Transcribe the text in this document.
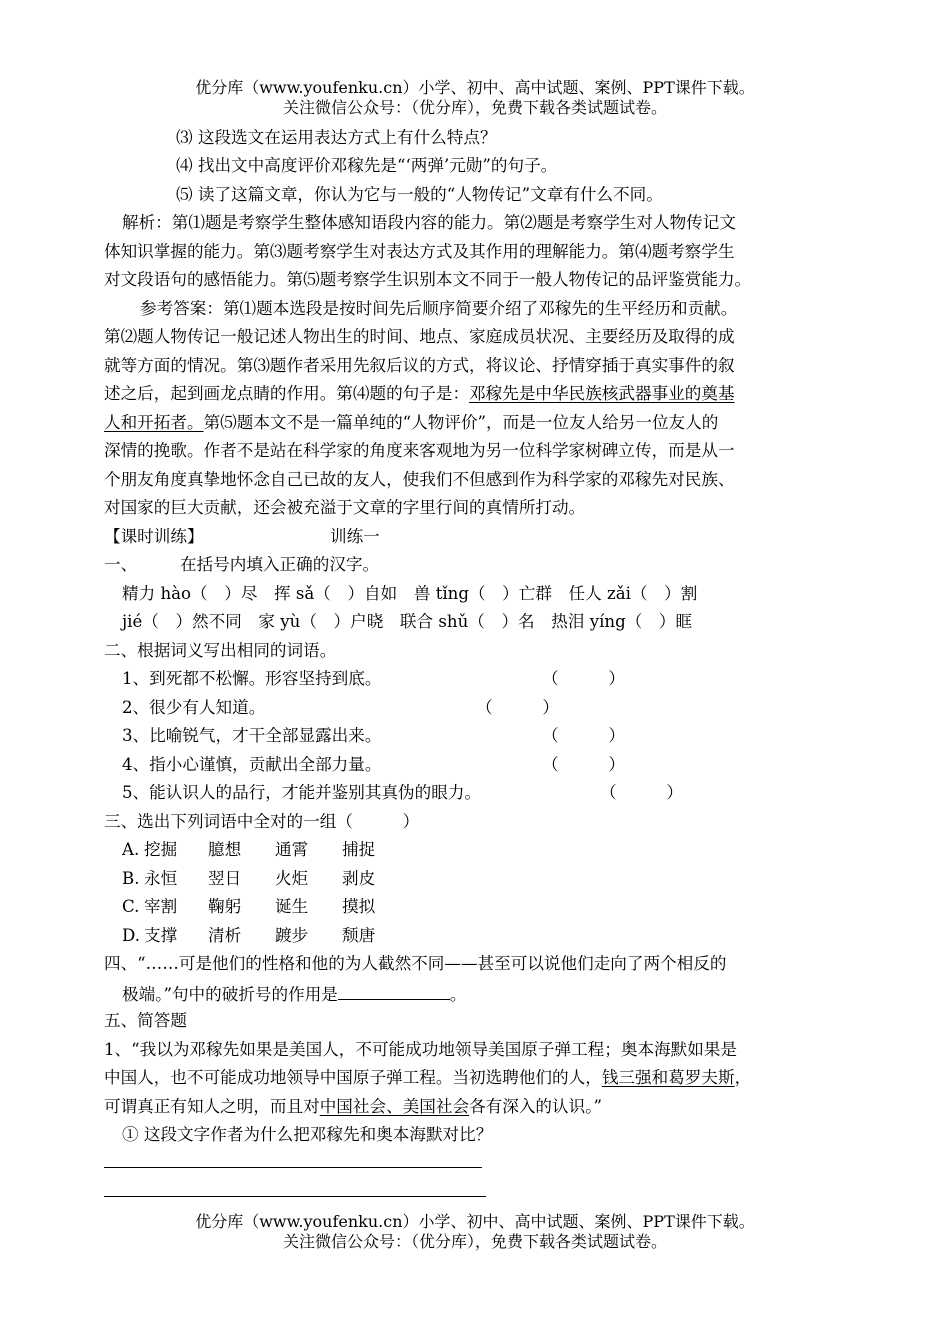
优分库（www.youfenku.cn）小学、初中、高中试题、案例、PPT课件下载。
关注微信公众号：（优分库），免费下载各类试题试卷。
⑶ 这段选文在运用表达方式上有什么特点？
⑷ 找出文中高度评价邓稼先是“‘两弹’元勋”的句子。
⑸ 读了这篇文章，你认为它与一般的“人物传记”文章有什么不同。
解析：第⑴题是考察学生整体感知语段内容的能力。第⑵题是考察学生对人物传记文
体知识掌握的能力。第⑶题考察学生对表达方式及其作用的理解能力。第⑷题考察学生
对文段语句的感悟能力。第⑸题考察学生识别本文不同于一般人物传记的品评鉴赏能力。
参考答案：第⑴题本选段是按时间先后顺序简要介绍了邓稼先的生平经历和贡献。
第⑵题人物传记一般记述人物出生的时间、地点、家庭成员状况、主要经历及取得的成
就等方面的情况。第⑶题作者采用先叙后议的方式，将议论、抒情穿插于真实事件的叙
述之后，起到画龙点睛的作用。第⑷题的句子是：邓稼先是中华民族核武器事业的奠基
人和开拓者。第⑸题本文不是一篇单纯的“人物评价”，而是一位友人给另一位友人的
深情的挽歌。作者不是站在科学家的角度来客观地为另一位科学家树碑立传，而是从一
个朋友角度真挚地怀念自己已故的友人，使我们不但感到作为科学家的邓稼先对民族、
对国家的巨大贡献，还会被充溢于文章的字里行间的真情所打动。
【课时训练】	训练一
一、	在括号内填入正确的汉字。
精力 hào（　）尽　挥 sǎ（　）自如　兽 tǐng（　）亡群　任人 zǎi（　）割
jié（　）然不同　家 yù（　）户晓　联合 shǔ（　）名　热泪 yíng（　）眶
二、根据词义写出相同的词语。
1、到死都不松懈。形容坚持到底。	（　　　）
2、很少有人知道。	（　　　）
3、比喻锐气，才干全部显露出来。	（　　　）
4、指小心谨慎，贡献出全部力量。	（　　　）
5、能认识人的品行，才能并鉴别其真伪的眼力。	（　　　）
三、选出下列词语中全对的一组（　　　）
A. 挖掘 臆想 通霄 捕捉
B. 永恒 翌日 火炬 剥皮
C. 宰割 鞠躬 诞生 摸拟
D. 支撑 清析 踱步 颓唐
四、“……可是他们的性格和他的为人截然不同——甚至可以说他们走向了两个相反的
极端。”句中的破折号的作用是	。
五、简答题
1、“我以为邓稼先如果是美国人，不可能成功地领导美国原子弹工程；奥本海默如果是
中国人，也不可能成功地领导中国原子弹工程。当初选聘他们的人，钱三强和葛罗夫斯，
可谓真正有知人之明，而且对中国社会、美国社会各有深入的认识。”
① 这段文字作者为什么把邓稼先和奥本海默对比？
优分库（www.youfenku.cn）小学、初中、高中试题、案例、PPT课件下载。
关注微信公众号：（优分库），免费下载各类试题试卷。
